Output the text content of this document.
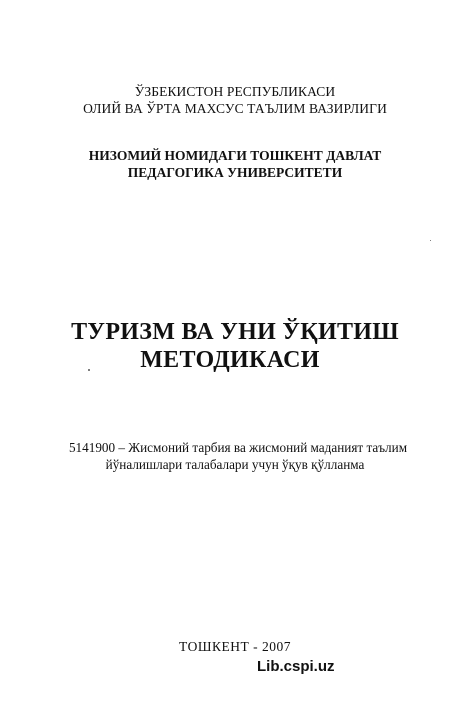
ЎЗБЕКИСТОН РЕСПУБЛИКАСИ
ОЛИЙ ВА ЎРТА МАХСУС ТАЪЛИМ ВАЗИРЛИГИ
НИЗОМИЙ НОМИДАГИ ТОШКЕНТ ДАВЛАТ
ПЕДАГОГИКА УНИВЕРСИТЕТИ
ТУРИЗМ ВА УНИ ЎҚИТИШ
МЕТОДИКАСИ
5141900 – Жисмоний тарбия ва жисмоний маданият таълим
йўналишлари талабалари учун ўқув қўлланма
ТОШКЕНТ - 2007
Lib.cspi.uz
